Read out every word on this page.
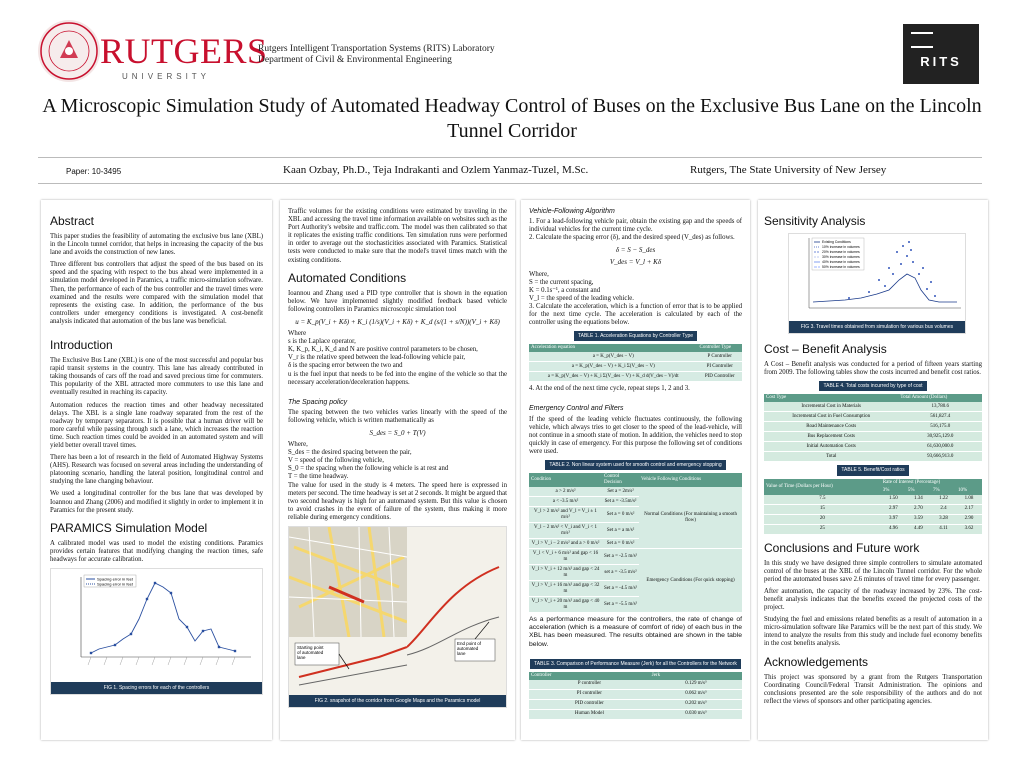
RUTGERS
UNIVERSITY
Rutgers Intelligent Transportation Systems (RITS) Laboratory
Department of Civil & Environmental Engineering	RITS
A Microscopic Simulation Study of Automated Headway Control of Buses on the Exclusive Bus Lane on the Lincoln Tunnel Corridor
Paper: 10-3495	Kaan Ozbay, Ph.D., Teja Indrakanti and Ozlem Yanmaz-Tuzel, M.Sc.	Rutgers, The State University of New Jersey
Abstract

This paper studies the feasibility of automating the exclusive bus lane (XBL) in the Lincoln tunnel corridor, that helps in increasing the capacity of the bus lane and avoids the construction of new lanes.

Three different bus controllers that adjust the speed of the bus based on its speed and the spacing with respect to the bus ahead were implemented in a simulation model developed in Paramics, a traffic micro-simulation software. Then, the performance of each of the bus controller and the travel times were examined and the results were compared with the simulation model that represents the existing case. In addition, the performance of the bus controllers under emergency conditions is investigated. A cost-benefit analysis indicated that automation of the bus lane was beneficial.

Introduction

The Exclusive Bus Lane (XBL) is one of the most successful and popular bus rapid transit systems in the country. This lane has already contributed in taking thousands of cars off the road and saved precious time for commuters. This popularity of the XBL attracted more commuters to use this lane and eventually resulted in reaching its capacity.

Automation reduces the reaction times and other headway necessitated delays. The XBL is a single lane roadway separated from the rest of the roadway by temporary separators. It is possible that a human driver will be more careful while passing through such a lane, which increases the reaction time. Such reaction times could be avoided in an automated system and will yield better overall travel times.

There has been a lot of research in the field of Automated Highway Systems (AHS). Research was focused on several areas including the understanding of platooning scenario, handling the lateral position, longitudinal control and studying the lane changing behaviour.

We used a longitudinal controller for the bus lane that was developed by Ioannou and Zhang (2006) and modified it slightly in order to implement it in Paramics for the present study.

PARAMICS Simulation Model

A calibrated model was used to model the existing conditions. Paramics provides certain features that modifying changing the reaction times, safe headways for accurate calibration.

Spacing error in feet
Spacing error in feet
FIG 1. Spacing errors for each of the controllers

Traffic volumes for the existing conditions were estimated by traveling in the XBL and accessing the travel time information available on websites such as the Port Authority's website and traffic.com. The model was then calibrated so that it replicates the existing traffic conditions. Ten simulation runs were performed in order to average out the stochasticities associated with Paramics. Statistical tests were conducted to make sure that the model's travel times match with the existing conditions.

Automated Conditions

Ioannou and Zhang used a PID type controller that is shown in the equation below. We have implemented slightly modified feedback based vehicle following controllers in Paramics microscopic simulation tool

u = K_p(V_i + Kδ) + K_i (1/s)(V_i + Kδ) + K_d (s/(1 + s/N))(V_i + Kδ)
Where
s is the Laplace operator,
K, K_p, K_i, K_d and N are positive control parameters to be chosen,
V_r is the relative speed between the lead-following vehicle pair,
δ is the spacing error between the two and
u is the fuel input that needs to be fed into the engine of the vehicle so that the necessary acceleration/deceleration happens.
The Spacing policy

The spacing between the two vehicles varies linearly with the speed of the following vehicle, which is written mathematically as

S_des = S_0 + T(V)
Where,
S_des = the desired spacing between the pair,
V = speed of the following vehicle,
S_0 = the spacing when the following vehicle is at rest and
T = the time headway.

The value for used in the study is 4 meters. The speed here is expressed in meters per second. The time headway is set at 2 seconds. It might be argued that two second headway is high for an automated system. But this value is chosen to avoid crashes in the event of failure of the system, thus making it more reliable during emergency conditions.

Starting point of automated lane
End point of automated lane
FIG 2. snapshot of the corridor from Google Maps and the Paramics model
Vehicle-Following Algorithm
1. For a lead-following vehicle pair, obtain the existing gap and the speeds of individual vehicles for the current time cycle.
2. Calculate the spacing error (δ), and the desired speed (V_des) as follows.
δ = S − S_des
V_des = V_l + Kδ
Where,
S = the current spacing,
K = 0.1s⁻¹, a constant and
V_l = the speed of the leading vehicle.

3. Calculate the acceleration, which is a function of error that is to be applied for the next time cycle. The acceleration is calculated by each of the controller using the equations below.

TABLE 1. Acceleration Equations by Controller Type
Acceleration equation	Controller Type
a = K_p(V_des − V)	P Controller
a = K_p(V_des − V) + K_i Σ(V_des − V)	PI Controller
a = K_p(V_des − V) + K_i Σ(V_des − V) + K_d d(V_des − V)/dt	PID Controller
4. At the end of the next time cycle, repeat steps 1, 2 and 3.
Emergency Control and Filters

If the speed of the leading vehicle fluctuates continuously, the following vehicle, which always tries to get closer to the speed of the lead-vehicle, will not continue in a smooth state of motion. In addition, the vehicles need to stop quickly in case of emergency. For this purpose the following set of conditions were used.

TABLE 2. Non linear system used for smooth control and emergency stopping
Condition	Control Decision	Vehicle Following Conditions
a > 2 m/s²	Set a = 2m/s²	Normal Conditions (For maintaining a smooth flow)
a < -3.5 m/s²	Set a = -3.5m/s²	
V_l > 2 m/s² and V_l = V_i ± 1 m/s²	Set a = 0 m/s²	
V_l − 2 m/s² < V_i and V_i < 1 m/s²	Set a = a m/s²	
V_l > V_i − 2 m/s² and a > 0 m/s²	Set a = 0 m/s²	
V_l < V_i + 6 m/s² and gap < 16 m	Set a = -2.5 m/s²	Emergency Conditions (For quick stopping)
V_l > V_i + 12 m/s² and gap < 24 m	set a = -3.5 m/s²	
V_l > V_i + 16 m/s² and gap < 32 m	Set a = -4.5 m/s²	
V_l > V_i + 20 m/s² and gap < 40 m	Set a = -5.5 m/s²	

As a performance measure for the controllers, the rate of change of acceleration (which is a measure of comfort of ride) of each bus in the XBL has been measured. The results obtained are shown in the table below.

TABLE 3. Comparison of Performance Measure (Jerk) for all the Controllers for the Network
Controller	Jerk
P controller	0.129 m/s³
PI controller	0.062 m/s³
PID controller	0.202 m/s³
Human Model	0.030 m/s³
Sensitivity Analysis
Existing Conditions
10% increase in volumes
20% increase in volumes
30% increase in volumes
40% increase in volumes
50% increase in volumes
FIG 3. Travel times obtained from simulation for various bus volumes
Cost – Benefit Analysis

A Cost – Benefit analysis was conducted for a period of fifteen years starting from 2009. The following tables show the costs incurred and benefit cost ratios.

TABLE 4. Total costs incurred by type of cost
Cost Type	Total Amount (Dollars)
Incremental Cost in Materials	13,780.6
Incremental Cost in Fuel Consumption	561,827.4
Road Maintenance Costs	516,175.0
Bus Replacement Costs	30,925,129.0
Initial Automation Costs	61,630,000.0
Total	93,666,913.0
TABLE 5. Benefit/Cost ratios
Value of Time (Dollars per Hour)	Rate of Interest (Percentage)			
	3%	5%	7%	10%
7.5	1.50	1.34	1.22	1.08
15	2.97	2.70	2.4	2.17
20	3.97	3.59	3.28	2.90
25	4.96	4.49	4.11	3.62
Conclusions and Future work

In this study we have designed three simple controllers to simulate automated control of the buses at the XBL of the Lincoln Tunnel corridor. For the whole period the automated buses save 2.6 minutes of travel time for every passenger.

After automation, the capacity of the roadway increased by 23%. The cost-benefit analysis indicates that the benefits exceed the projected costs of the project.

Studying the fuel and emissions related benefits as a result of automation in a micro-simulation software like Paramics will be the next part of this study. We intend to analyze the results from this study and include fuel economy benefits in the cost benefits analysis.

Acknowledgements

This project was sponsored by a grant from the Rutgers Transportation Coordinating Council/Federal Transit Administration. The opinions and conclusions presented are the sole responsibility of the authors and do not reflect the views of sponsors and other participating agencies.
